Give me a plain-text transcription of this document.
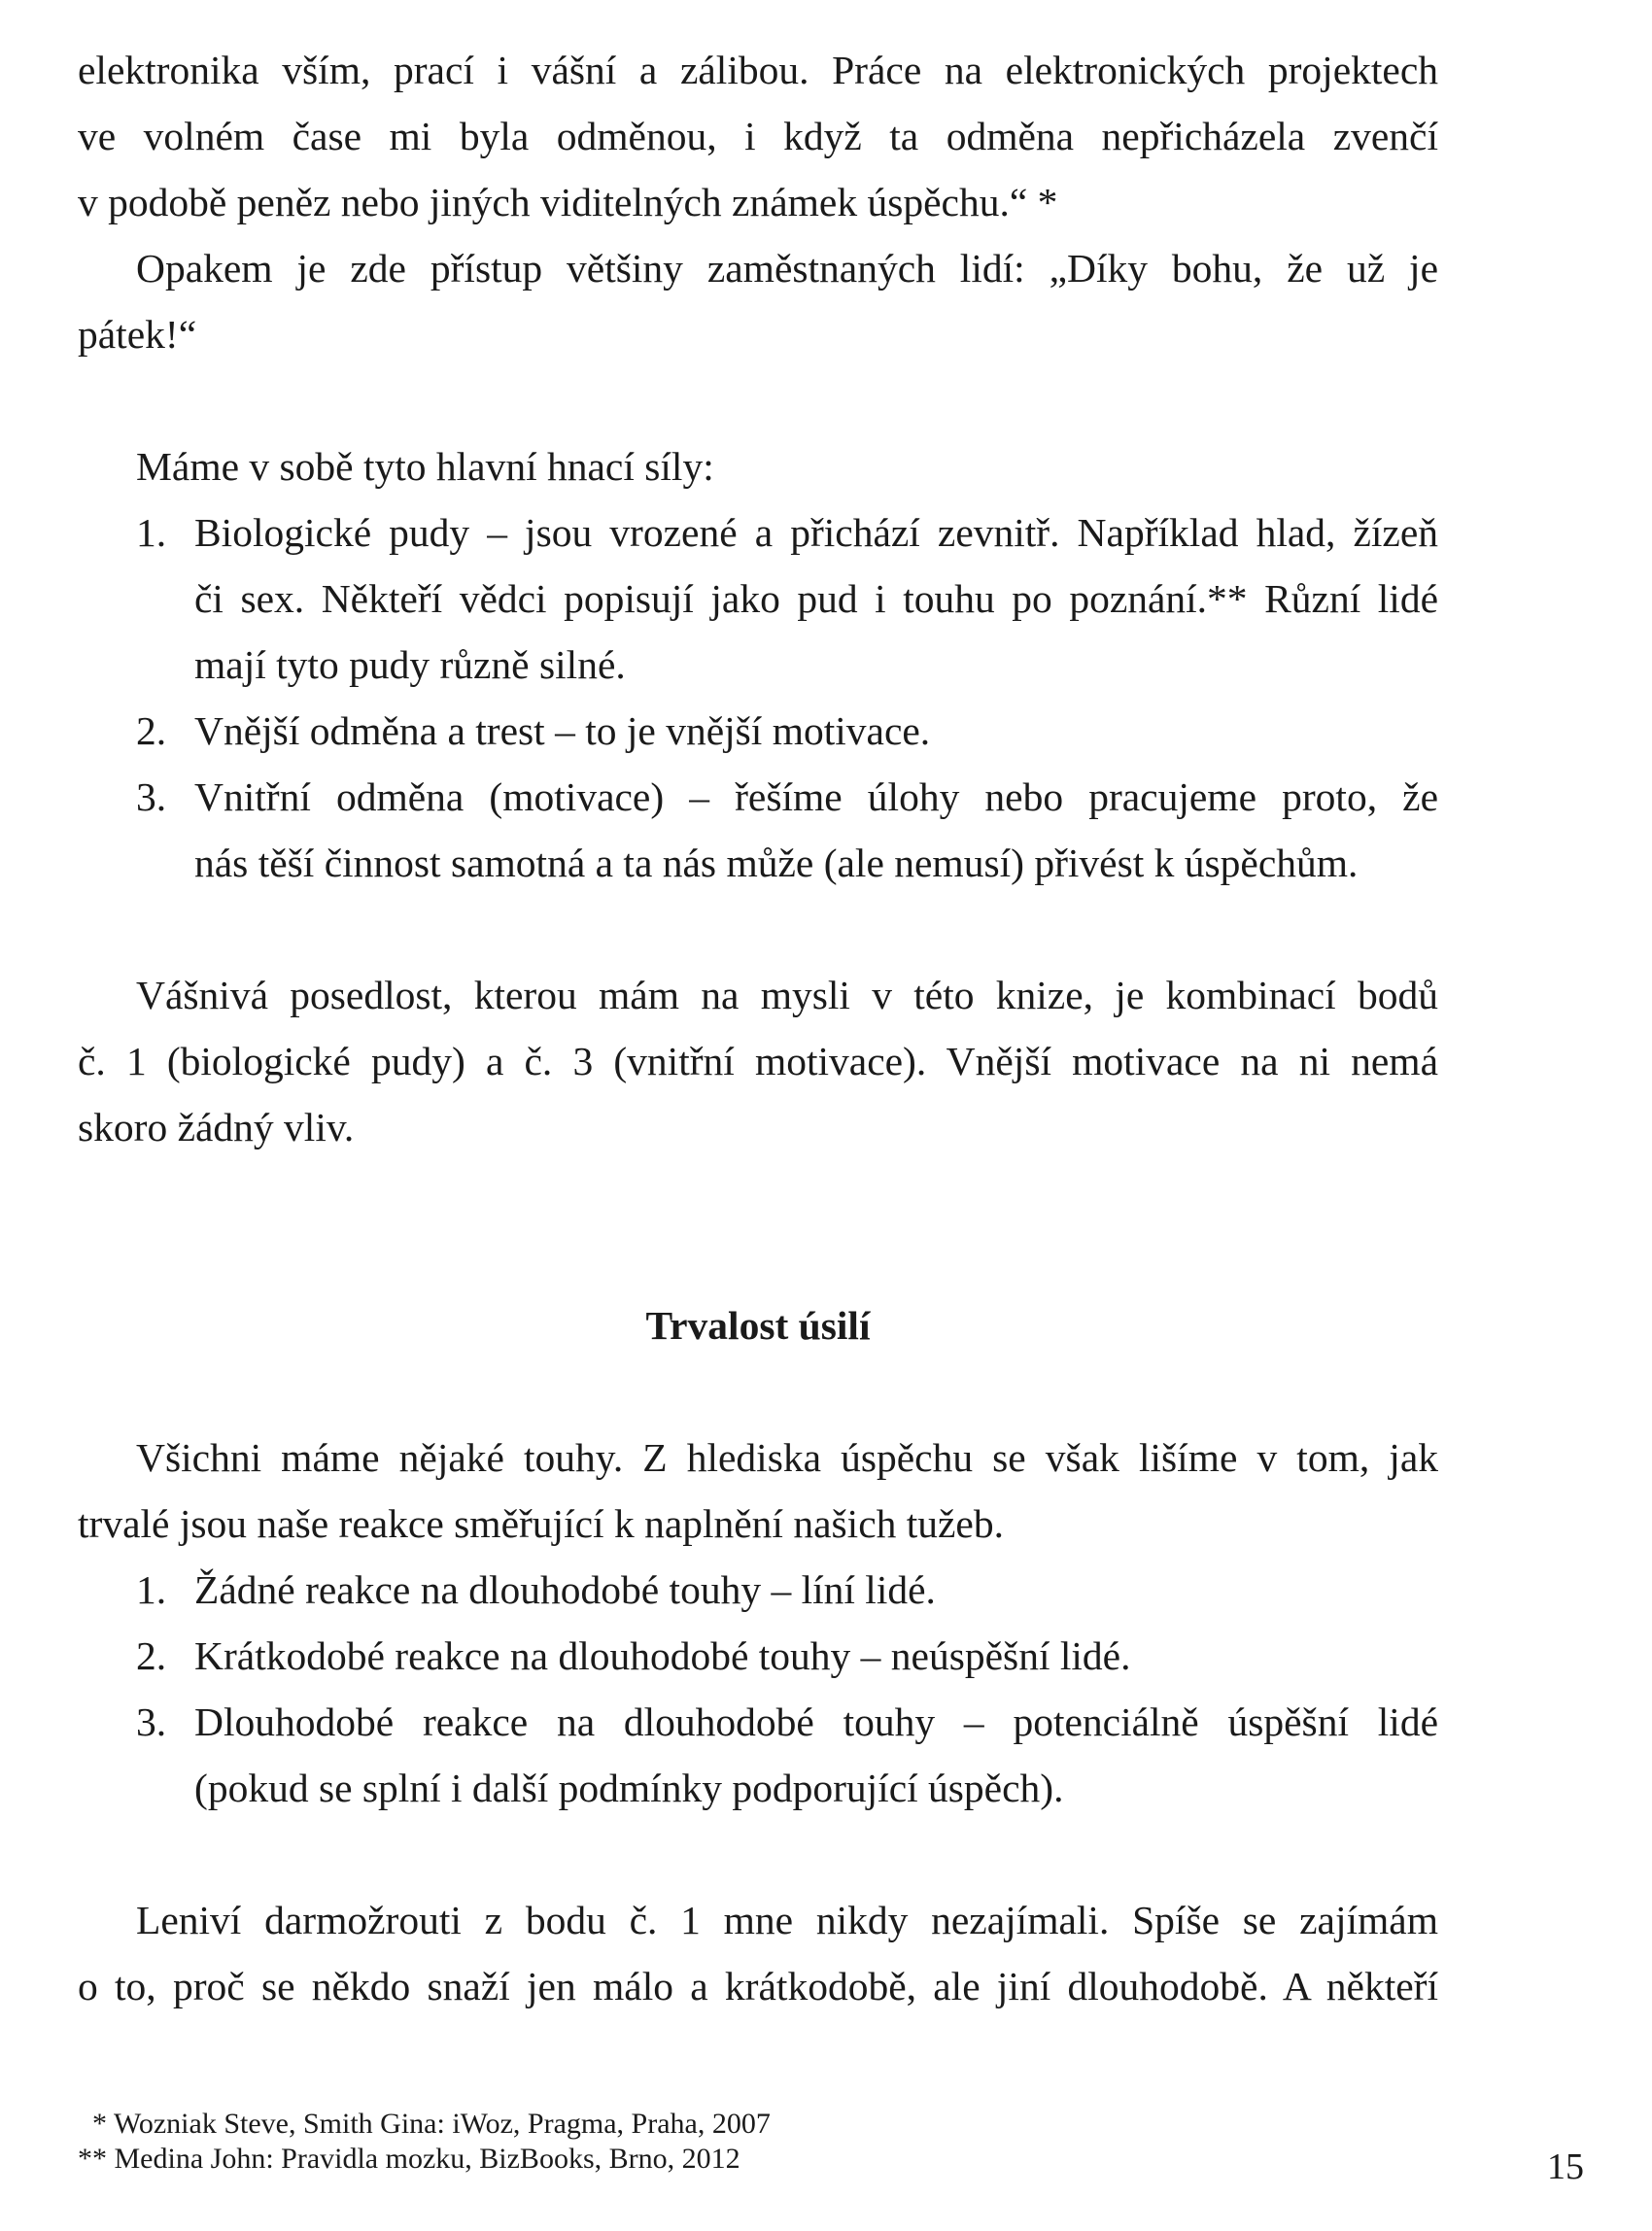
elektronika vším, prací i vášní a zálibou. Práce na elektronických projektech
ve volném čase mi byla odměnou, i když ta odměna nepřicházela zvenčí
v podobě peněz nebo jiných viditelných známek úspěchu.“ *
Opakem je zde přístup většiny zaměstnaných lidí: „Díky bohu, že už je
pátek!“
Máme v sobě tyto hlavní hnací síly:
1. Biologické pudy – jsou vrozené a přichází zevnitř. Například hlad, žízeň
či sex. Někteří vědci popisují jako pud i touhu po poznání.** Různí lidé
mají tyto pudy různě silné.
2. Vnější odměna a trest – to je vnější motivace.
3. Vnitřní odměna (motivace) – řešíme úlohy nebo pracujeme proto, že
nás těší činnost samotná a ta nás může (ale nemusí) přivést k úspěchům.
Vášnivá posedlost, kterou mám na mysli v této knize, je kombinací bodů
č. 1 (biologické pudy) a č. 3 (vnitřní motivace). Vnější motivace na ni nemá
skoro žádný vliv.
Trvalost úsilí
Všichni máme nějaké touhy. Z hlediska úspěchu se však lišíme v tom, jak
trvalé jsou naše reakce směřující k naplnění našich tužeb.
1. Žádné reakce na dlouhodobé touhy – líní lidé.
2. Krátkodobé reakce na dlouhodobé touhy – neúspěšní lidé.
3. Dlouhodobé reakce na dlouhodobé touhy – potenciálně úspěšní lidé
(pokud se splní i další podmínky podporující úspěch).
Leniví darmožrouti z bodu č. 1 mne nikdy nezajímali. Spíše se zajímám
o to, proč se někdo snaží jen málo a krátkodobě, ale jiní dlouhodobě. A někteří
* Wozniak Steve, Smith Gina: iWoz, Pragma, Praha, 2007
** Medina John: Pravidla mozku, BizBooks, Brno, 2012	15
